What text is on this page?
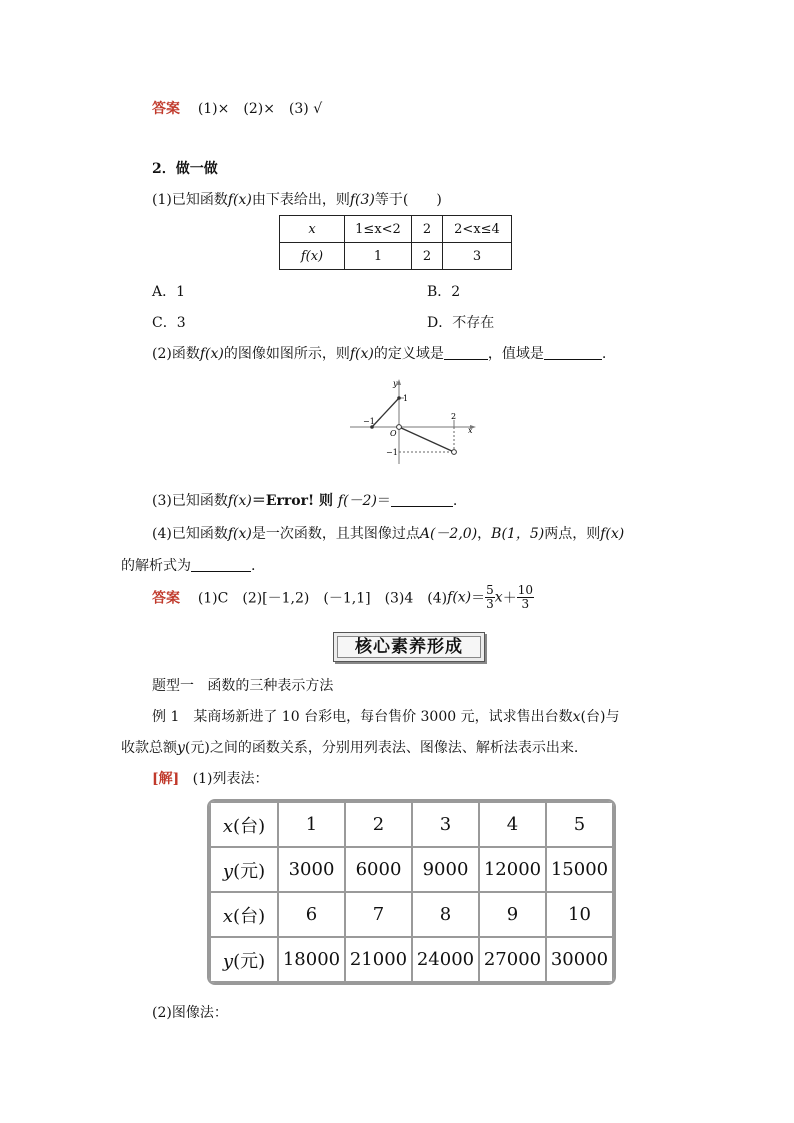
答案 (1)×　(2)×　(3) √
2．做一做
(1)已知函数f(x)由下表给出，则f(3)等于(　　)
x	1≤x<2	2	2<x≤4
f(x)	1	2	3
A．1	B．2
C．3	D．不存在
(2)函数f(x)的图像如图所示，则f(x)的定义域是	，值域是	.
y
x
1
−1
2
O
−1
(3)已知函数f(x)＝Error! 则 f(－2)＝	.
(4)已知函数f(x)是一次函数，且其图像过点A(－2,0)，B(1，5)两点，则f(x)
的解析式为	.
答案 (1)C　(2)[－1,2)　(－1,1]　(3)4　$(4)f(x)= \frac{5}{3} x+ \frac{10}{3}$
核心素养形成
题型一 函数的三种表示方法
例 1　某商场新进了 10 台彩电，每台售价 3000 元，试求售出台数x(台)与
收款总额y(元)之间的函数关系，分别用列表法、图像法、解析法表示出来.
[解] (1)列表法：
x(台)	1	2	3	4	5
y(元)	3000	6000	9000	12000	15000
x(台)	6	7	8	9	10
y(元)	18000	21000	24000	27000	30000
(2)图像法：
